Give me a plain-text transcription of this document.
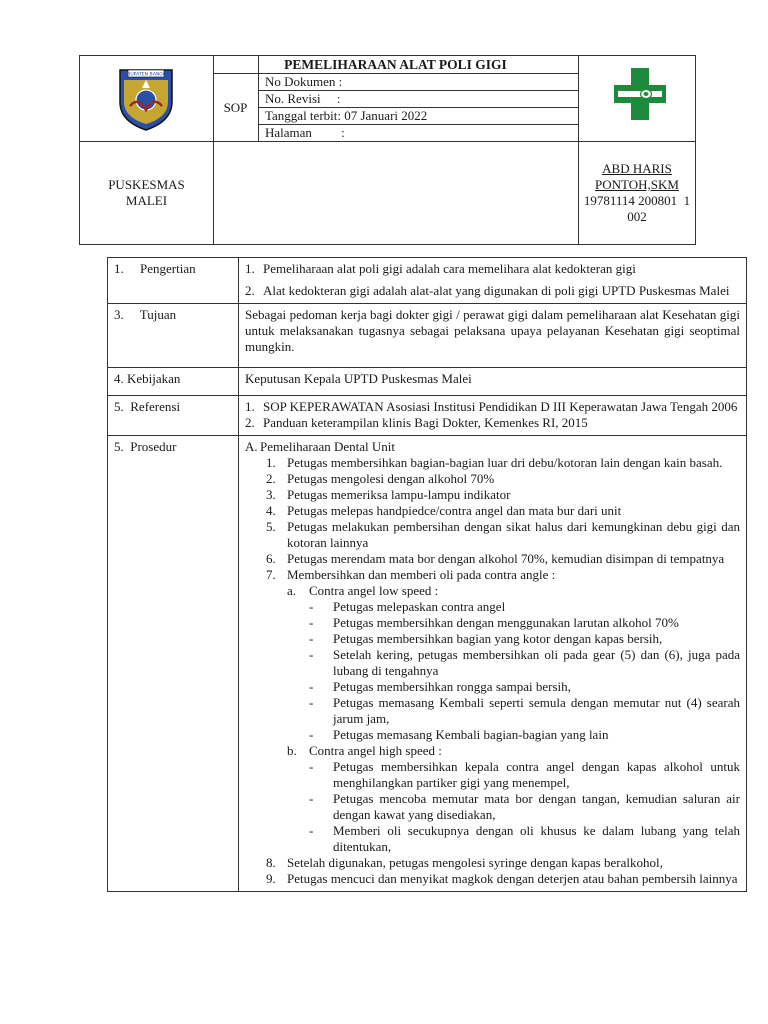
KABUPATEN BANGGAI
PEMELIHARAAN ALAT POLI GIGI
SOP
No Dokumen :
No. Revisi     :
Tanggal terbit: 07 Januari 2022
Halaman         :
PUSKESMAS
MALEI
ABD HARIS
PONTOH,SKM
19781114 200801  1
002
1.     Pengertian	1. Pemeliharaan alat poli gigi adalah cara memelihara alat kedokteran gigi
2. Alat kedokteran gigi adalah alat-alat yang digunakan di poli gigi UPTD Puskesmas Malei
3.     Tujuan	Sebagai pedoman kerja bagi dokter gigi / perawat gigi dalam pemeliharaan alat Kesehatan gigi untuk melaksanakan tugasnya sebagai pelaksana upaya pelayanan Kesehatan gigi seoptimal mungkin.

4. Kebijakan	Keputusan Kepala UPTD Puskesmas Malei

5.  Referensi	1. SOP KEPERAWATAN Asosiasi Institusi Pendidikan D III Keperawatan Jawa Tengah 2006
2. Panduan keterampilan klinis Bagi Dokter, Kemenkes RI, 2015
5.  Prosedur	A. Pemeliharaan Dental Unit
1. Petugas membersihkan bagian-bagian luar dri debu/kotoran lain dengan kain basah.
2. Petugas mengolesi dengan alkohol 70%
3. Petugas memeriksa lampu-lampu indikator
4. Petugas melepas handpiedce/contra angel dan mata bur dari unit
5. Petugas melakukan pembersihan dengan sikat halus dari kemungkinan debu gigi dan kotoran lainnya
6. Petugas merendam mata bor dengan alkohol 70%, kemudian disimpan di tempatnya
7. Membersihkan dan memberi oli pada contra angle :
a. Contra angel low speed :
- Petugas melepaskan contra angel
- Petugas membersihkan dengan menggunakan larutan alkohol 70%
- Petugas membersihkan bagian yang kotor dengan kapas bersih,
- Setelah kering, petugas membersihkan oli pada gear (5) dan (6), juga pada lubang di tengahnya
- Petugas membersihkan rongga sampai bersih,
- Petugas memasang Kembali seperti semula dengan memutar nut (4) searah jarum jam,
- Petugas memasang Kembali bagian-bagian yang lain
b. Contra angel high speed :
- Petugas membersihkan kepala contra angel dengan kapas alkohol untuk menghilangkan partiker gigi yang menempel,
- Petugas mencoba memutar mata bor dengan tangan, kemudian saluran air dengan kawat yang disediakan,
- Memberi oli secukupnya dengan oli khusus ke dalam lubang yang telah ditentukan,
8. Setelah digunakan, petugas mengolesi syringe dengan kapas beralkohol,
9. Petugas mencuci dan menyikat magkok dengan deterjen atau bahan pembersih lainnya
